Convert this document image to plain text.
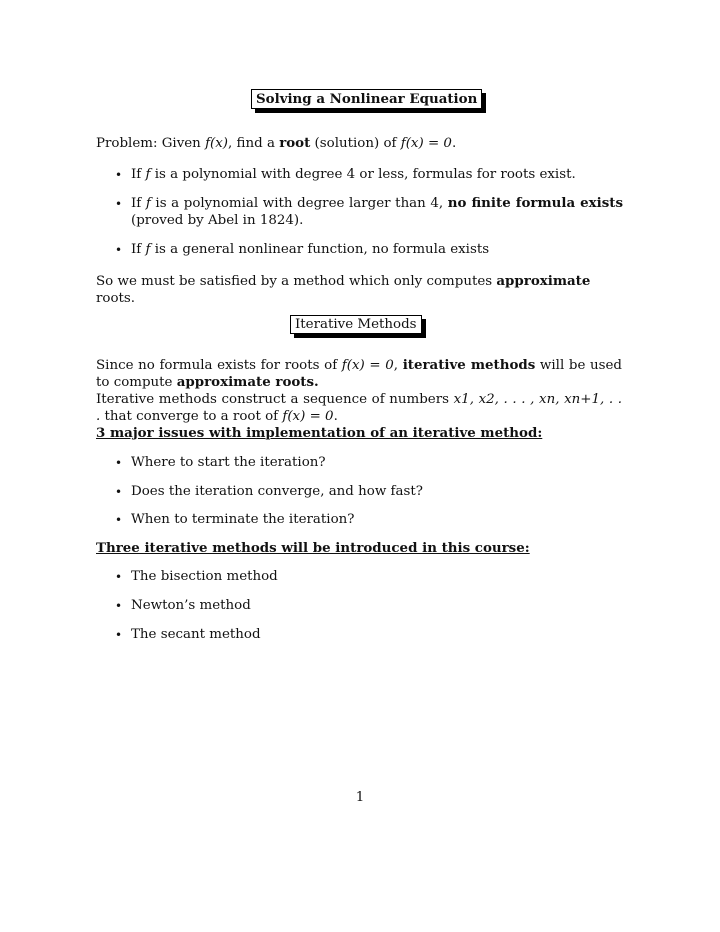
Solving a Nonlinear Equation
Problem: Given f(x), find a root (solution) of f(x) = 0.
• If f is a polynomial with degree 4 or less, formulas for roots exist.
• If f is a polynomial with degree larger than 4, no finite formula exists (proved by Abel in 1824).
• If f is a general nonlinear function, no formula exists
So we must be satisfied by a method which only computes approximate roots.
Iterative Methods
Since no formula exists for roots of f(x) = 0, iterative methods will be used to compute approximate roots.
Iterative methods construct a sequence of numbers x1, x2, . . . , xn, xn+1, . . . that converge to a root of f(x) = 0.
3 major issues with implementation of an iterative method:
• Where to start the iteration?
• Does the iteration converge, and how fast?
• When to terminate the iteration?
Three iterative methods will be introduced in this course:
• The bisection method
• Newton’s method
• The secant method
1
